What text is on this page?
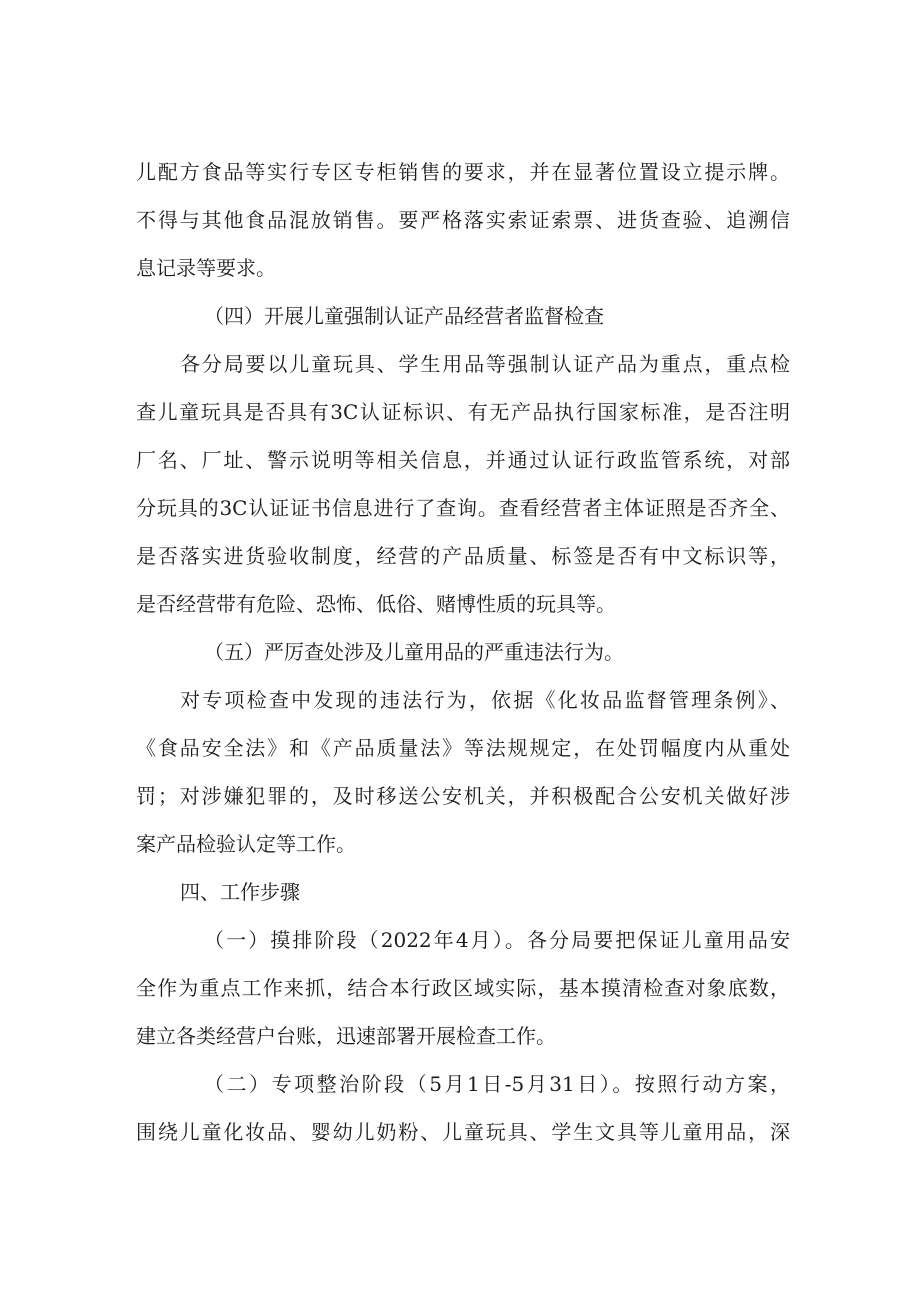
儿配方食品等实行专区专柜销售的要求，并在显著位置设立提示牌。
不得与其他食品混放销售。要严格落实索证索票、进货查验、追溯信
息记录等要求。
（四）开展儿童强制认证产品经营者监督检查
各分局要以儿童玩具、学生用品等强制认证产品为重点，重点检
查儿童玩具是否具有3C认证标识、有无产品执行国家标准，是否注明
厂名、厂址、警示说明等相关信息，并通过认证行政监管系统，对部
分玩具的3C认证证书信息进行了查询。查看经营者主体证照是否齐全、
是否落实进货验收制度，经营的产品质量、标签是否有中文标识等，
是否经营带有危险、恐怖、低俗、赌博性质的玩具等。
（五）严厉查处涉及儿童用品的严重违法行为。
对专项检查中发现的违法行为，依据《化妆品监督管理条例》、
《食品安全法》和《产品质量法》等法规规定，在处罚幅度内从重处
罚；对涉嫌犯罪的，及时移送公安机关，并积极配合公安机关做好涉
案产品检验认定等工作。
四、工作步骤
（一）摸排阶段（2022年4月）。各分局要把保证儿童用品安
全作为重点工作来抓，结合本行政区域实际，基本摸清检查对象底数，
建立各类经营户台账，迅速部署开展检查工作。
（二）专项整治阶段（5月1日-5月31日）。按照行动方案，
围绕儿童化妆品、婴幼儿奶粉、儿童玩具、学生文具等儿童用品，深
